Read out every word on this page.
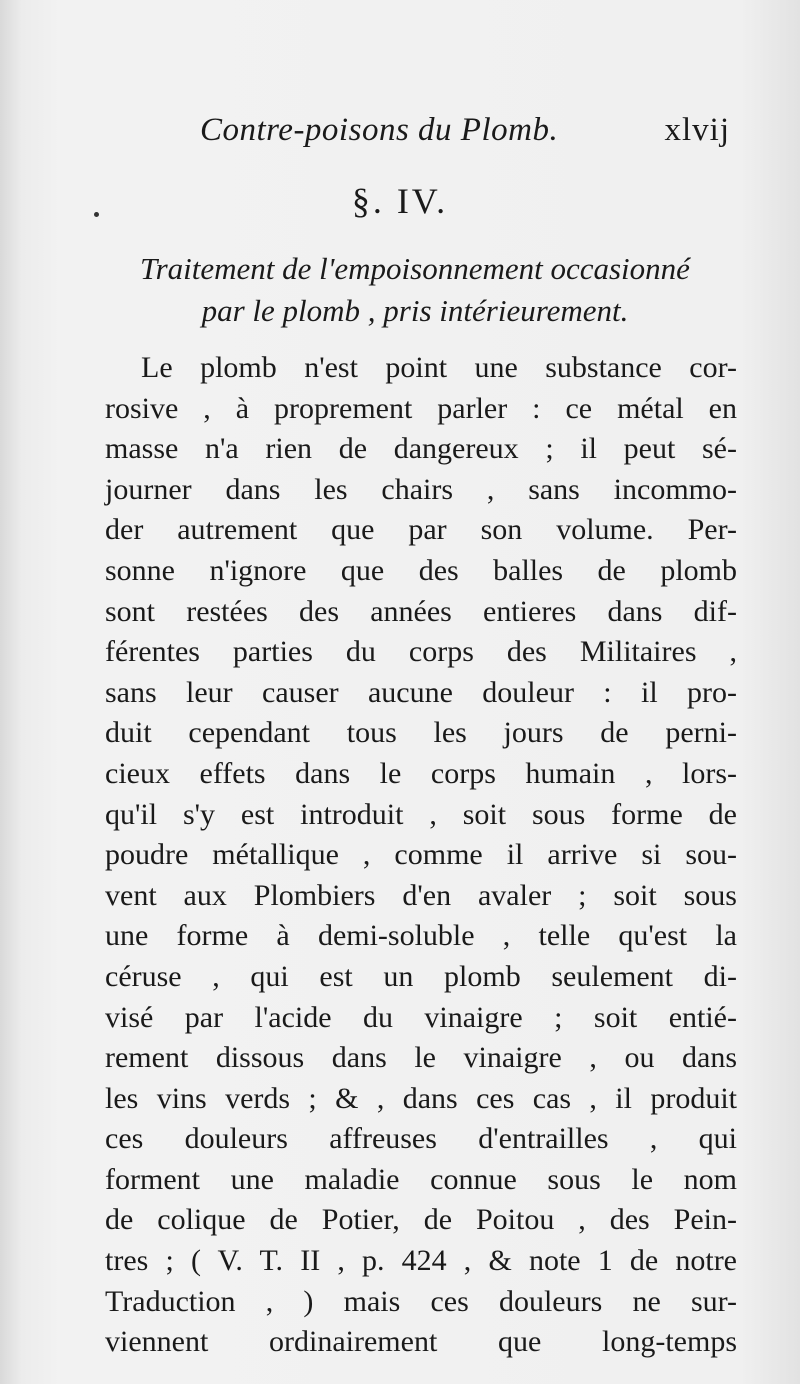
Contre-poisons du Plomb.	xlvij
§. IV.
Traitement de l'empoisonnement occasionné
par le plomb , pris intérieurement.
Le plomb n'est point une substance cor-
rosive , à proprement parler : ce métal en
masse n'a rien de dangereux ; il peut sé-
journer dans les chairs , sans incommo-
der autrement que par son volume. Per-
sonne n'ignore que des balles de plomb
sont restées des années entieres dans dif-
férentes parties du corps des Militaires ,
sans leur causer aucune douleur : il pro-
duit cependant tous les jours de perni-
cieux effets dans le corps humain , lors-
qu'il s'y est introduit , soit sous forme de
poudre métallique , comme il arrive si sou-
vent aux Plombiers d'en avaler ; soit sous
une forme à demi-soluble , telle qu'est la
céruse , qui est un plomb seulement di-
visé par l'acide du vinaigre ; soit entié-
rement dissous dans le vinaigre , ou dans
les vins verds ; & , dans ces cas , il produit
ces douleurs affreuses d'entrailles , qui
forment une maladie connue sous le nom
de colique de Potier, de Poitou , des Pein-
tres ; ( V. T. II , p. 424 , & note 1 de notre
Traduction , ) mais ces douleurs ne sur-
viennent ordinairement que long-temps
